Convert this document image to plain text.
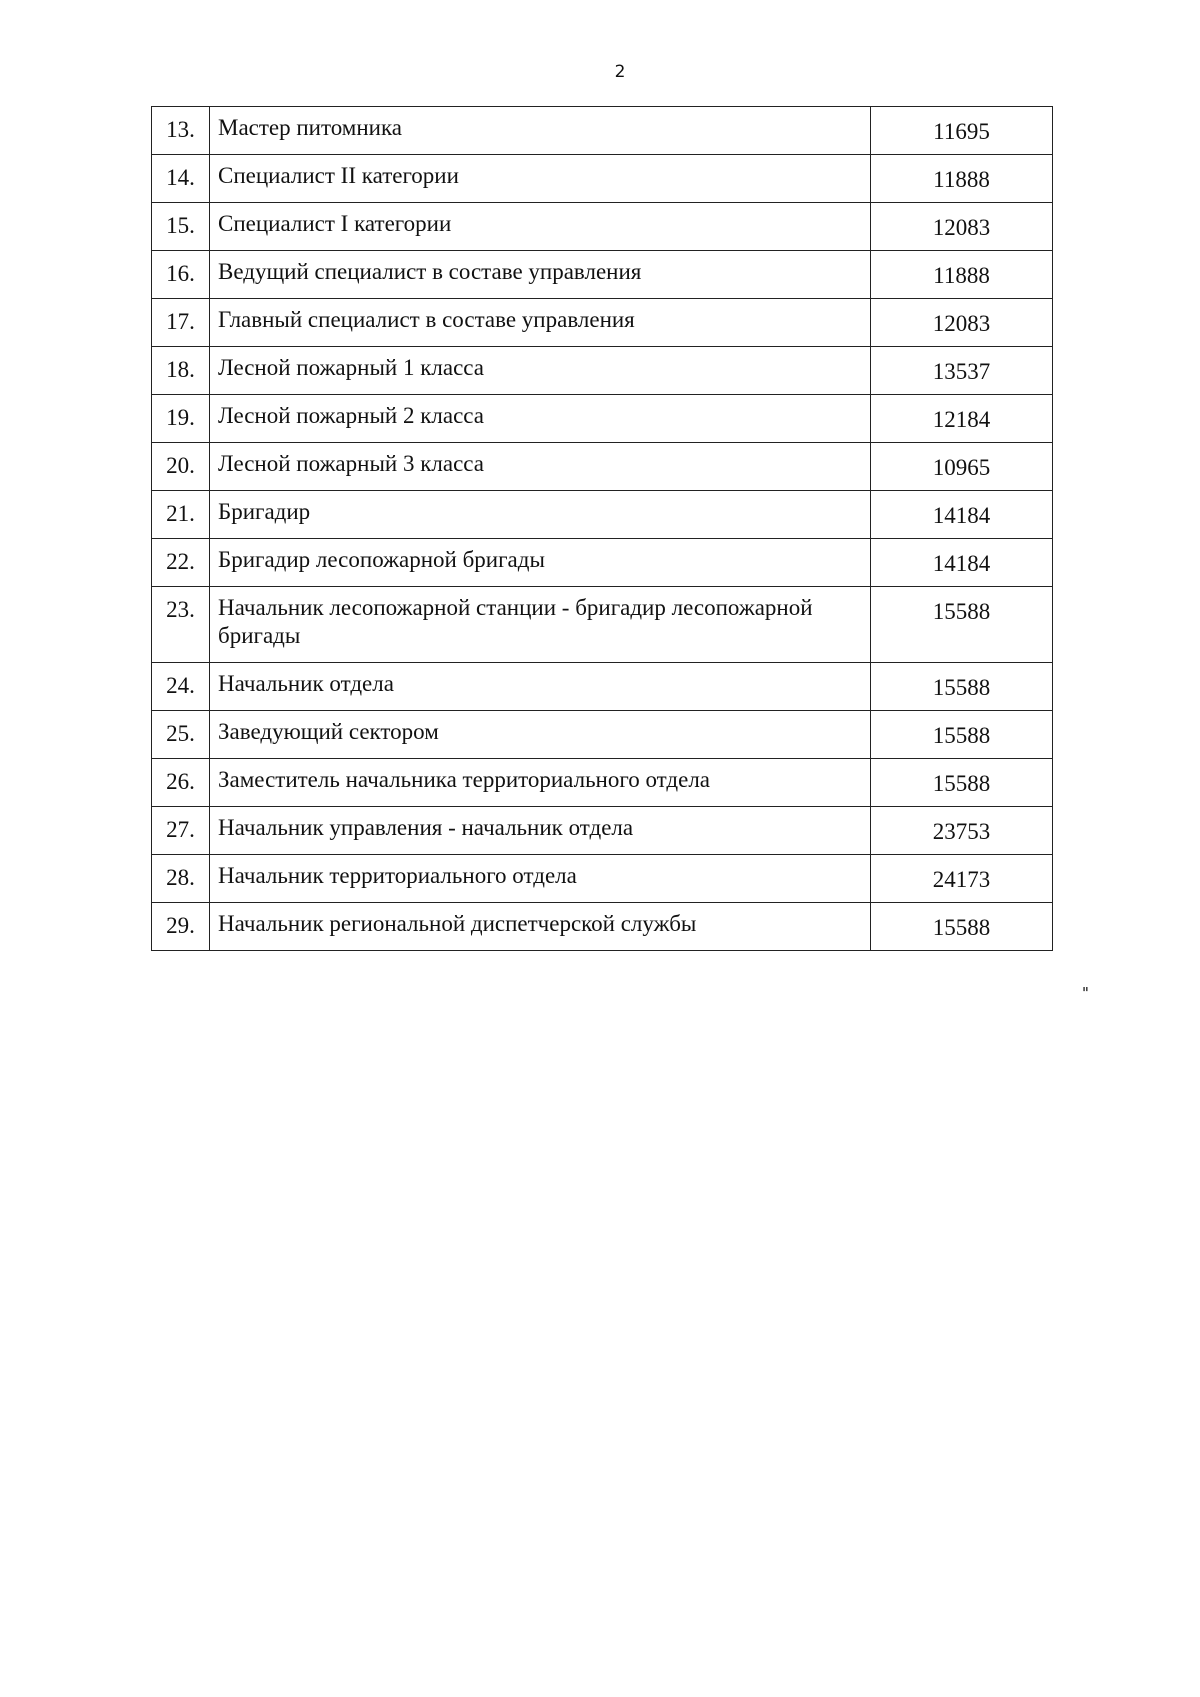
2
13.	Мастер питомника	11695
14.	Специалист II категории	11888
15.	Специалист I категории	12083
16.	Ведущий специалист в составе управления	11888
17.	Главный специалист в составе управления	12083
18.	Лесной пожарный 1 класса	13537
19.	Лесной пожарный 2 класса	12184
20.	Лесной пожарный 3 класса	10965
21.	Бригадир	14184
22.	Бригадир лесопожарной бригады	14184
23.	Начальник лесопожарной станции - бригадир лесопожарной бригады	15588
24.	Начальник отдела	15588
25.	Заведующий сектором	15588
26.	Заместитель начальника территориального отдела	15588
27.	Начальник управления - начальник отдела	23753
28.	Начальник территориального отдела	24173
29.	Начальник региональной диспетчерской службы	15588
"
